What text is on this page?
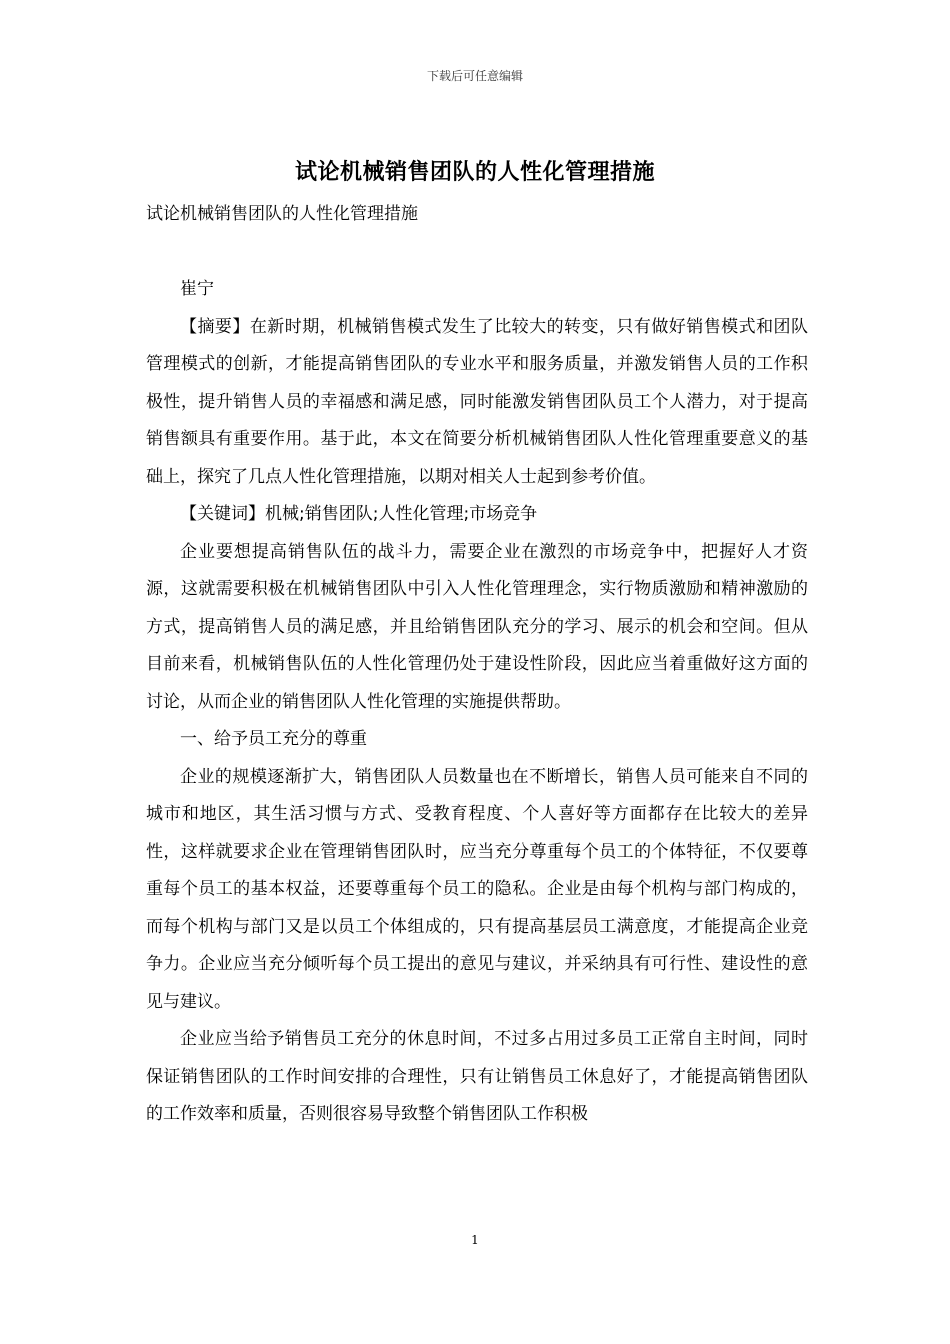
下载后可任意编辑
试论机械销售团队的人性化管理措施

试论机械销售团队的人性化管理措施

崔宁

【摘要】在新时期，机械销售模式发生了比较大的转变，只有做好销售模式和团队管理模式的创新，才能提高销售团队的专业水平和服务质量，并激发销售人员的工作积极性，提升销售人员的幸福感和满足感，同时能激发销售团队员工个人潜力，对于提高销售额具有重要作用。基于此，本文在简要分析机械销售团队人性化管理重要意义的基础上，探究了几点人性化管理措施，以期对相关人士起到参考价值。

【关键词】机械;销售团队;人性化管理;市场竞争

企业要想提高销售队伍的战斗力，需要企业在激烈的市场竞争中，把握好人才资源，这就需要积极在机械销售团队中引入人性化管理理念，实行物质激励和精神激励的方式，提高销售人员的满足感，并且给销售团队充分的学习、展示的机会和空间。但从目前来看，机械销售队伍的人性化管理仍处于建设性阶段，因此应当着重做好这方面的讨论，从而企业的销售团队人性化管理的实施提供帮助。

一、给予员工充分的尊重

企业的规模逐渐扩大，销售团队人员数量也在不断增长，销售人员可能来自不同的城市和地区，其生活习惯与方式、受教育程度、个人喜好等方面都存在比较大的差异性，这样就要求企业在管理销售团队时，应当充分尊重每个员工的个体特征，不仅要尊重每个员工的基本权益，还要尊重每个员工的隐私。企业是由每个机构与部门构成的，而每个机构与部门又是以员工个体组成的，只有提高基层员工满意度，才能提高企业竞争力。企业应当充分倾听每个员工提出的意见与建议，并采纳具有可行性、建设性的意见与建议。

企业应当给予销售员工充分的休息时间，不过多占用过多员工正常自主时间，同时保证销售团队的工作时间安排的合理性，只有让销售员工休息好了，才能提高销售团队的工作效率和质量，否则很容易导致整个销售团队工作积极

1
